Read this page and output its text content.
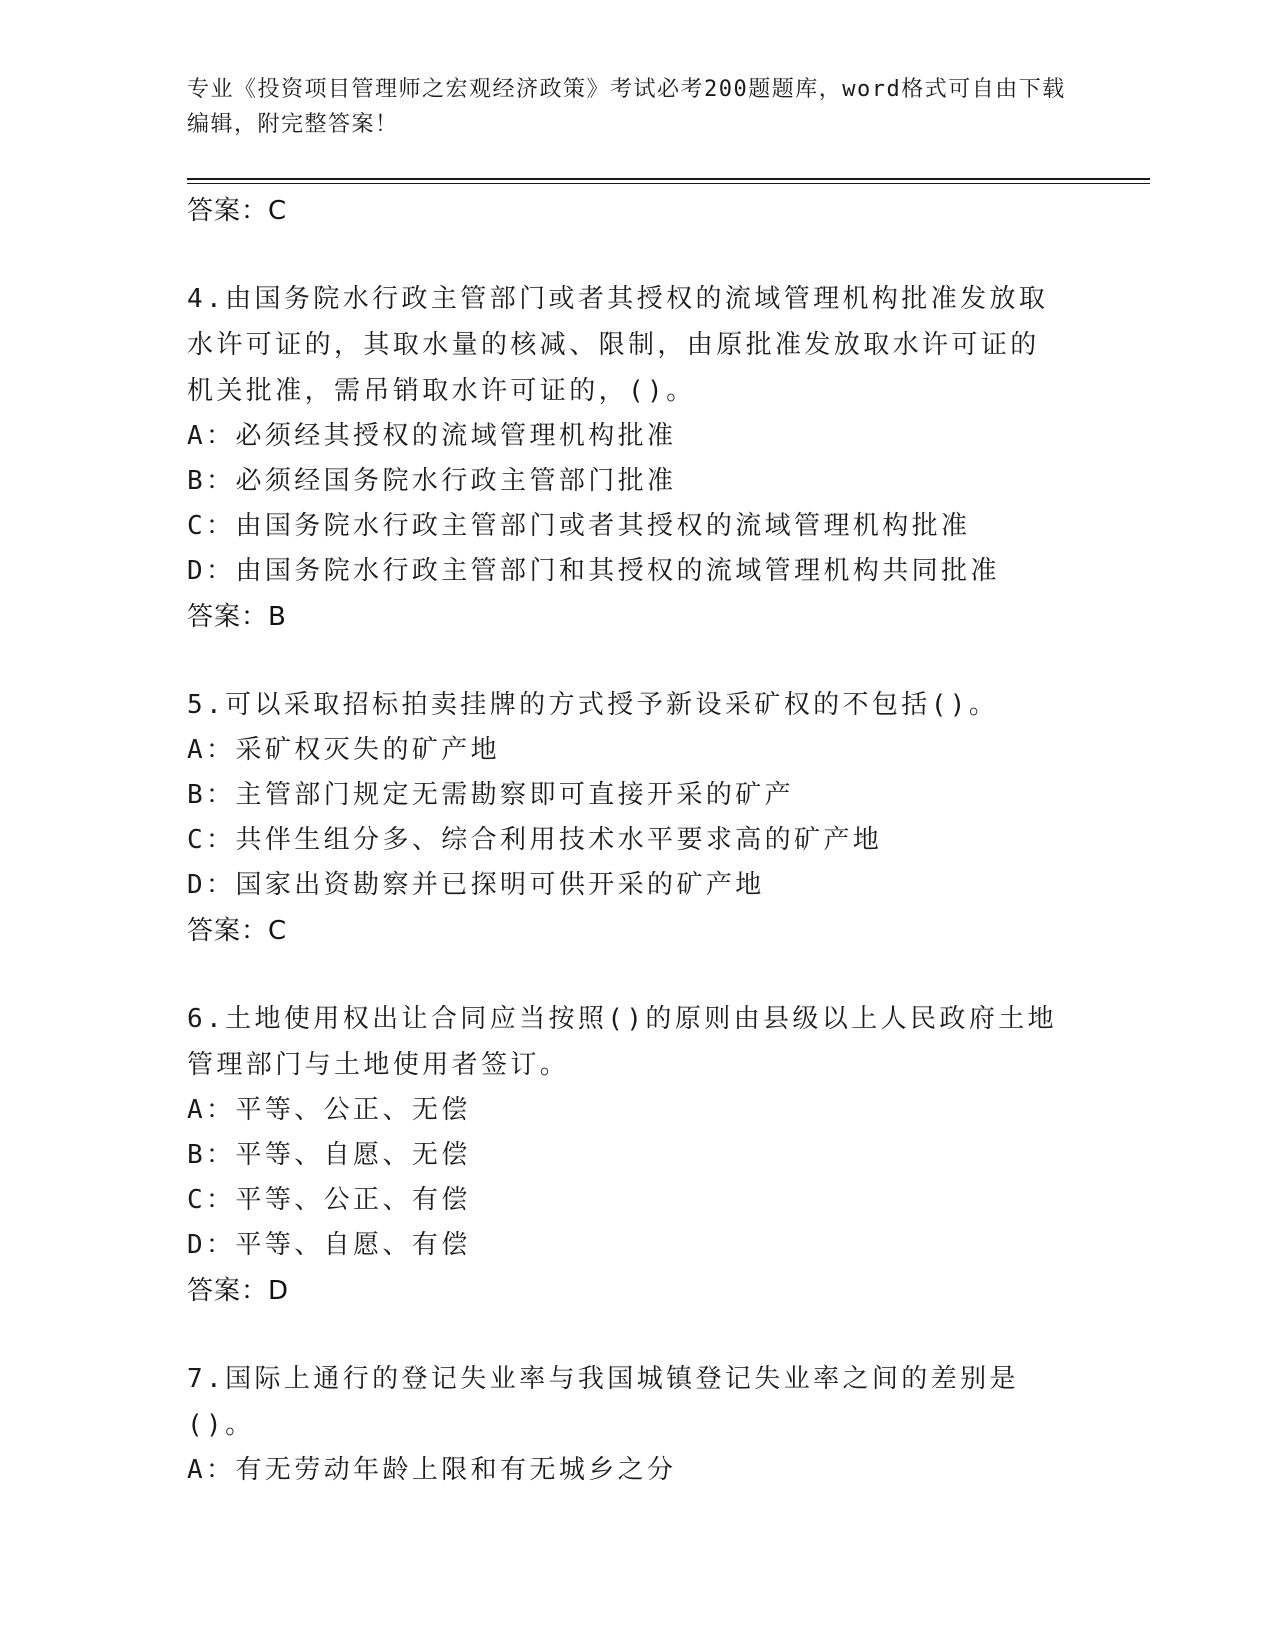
专业《投资项目管理师之宏观经济政策》考试必考200题题库，word格式可自由下载编辑，附完整答案！
答案：C
4.由国务院水行政主管部门或者其授权的流域管理机构批准发放取水许可证的，其取水量的核减、限制，由原批准发放取水许可证的机关批准，需吊销取水许可证的，()。
A：必须经其授权的流域管理机构批准
B：必须经国务院水行政主管部门批准
C：由国务院水行政主管部门或者其授权的流域管理机构批准
D：由国务院水行政主管部门和其授权的流域管理机构共同批准
答案：B
5.可以采取招标拍卖挂牌的方式授予新设采矿权的不包括()。
A：采矿权灭失的矿产地
B：主管部门规定无需勘察即可直接开采的矿产
C：共伴生组分多、综合利用技术水平要求高的矿产地
D：国家出资勘察并已探明可供开采的矿产地
答案：C
6.土地使用权出让合同应当按照()的原则由县级以上人民政府土地管理部门与土地使用者签订。
A：平等、公正、无偿
B：平等、自愿、无偿
C：平等、公正、有偿
D：平等、自愿、有偿
答案：D
7.国际上通行的登记失业率与我国城镇登记失业率之间的差别是()。
A：有无劳动年龄上限和有无城乡之分
